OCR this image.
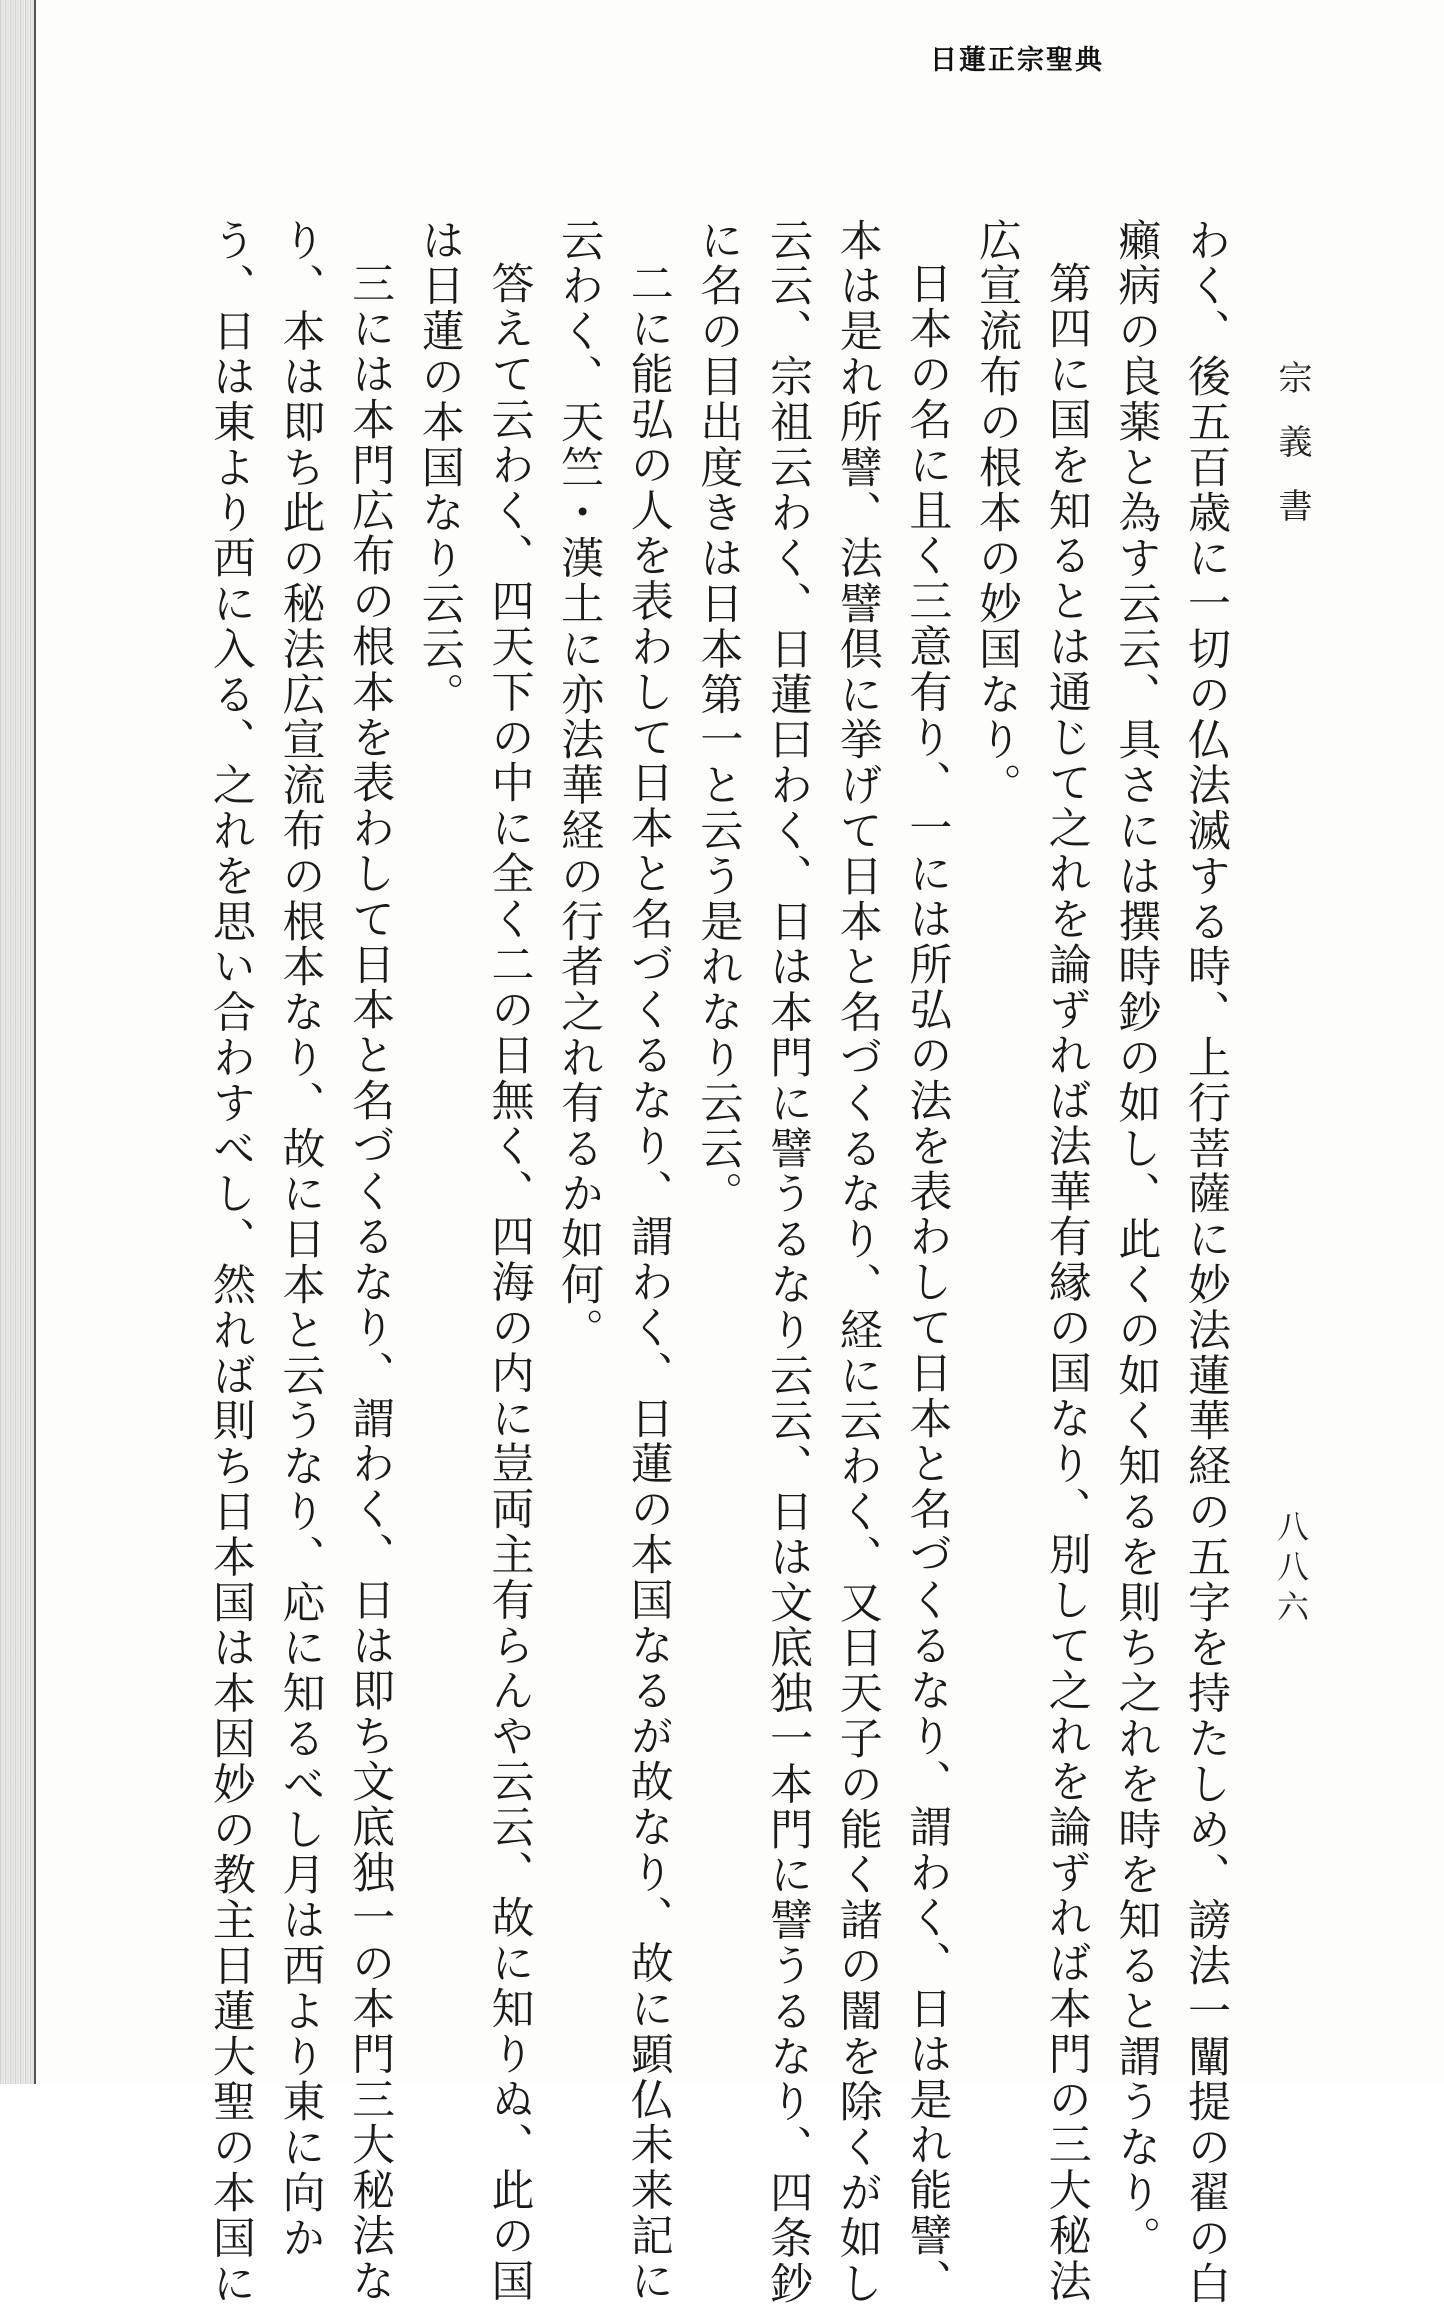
日蓮正宗聖典
宗義書
八八六
わく、後五百歳に一切の仏法滅する時、上行菩薩に妙法蓮華経の五字を持たしめ、謗法一闡提の翟の白
癩病の良薬と為す云云、具さには撰時鈔の如し、此くの如く知るを則ち之れを時を知ると謂うなり。
第四に国を知るとは通じて之れを論ずれば法華有縁の国なり、別して之れを論ずれば本門の三大秘法
広宣流布の根本の妙国なり。
日本の名に且く三意有り、一には所弘の法を表わして日本と名づくるなり、謂わく、日は是れ能譬、
本は是れ所譬、法譬倶に挙げて日本と名づくるなり、経に云わく、又日天子の能く諸の闇を除くが如し
云云、宗祖云わく、日蓮曰わく、日は本門に譬うるなり云云、日は文底独一本門に譬うるなり、四条鈔
に名の目出度きは日本第一と云う是れなり云云。
二に能弘の人を表わして日本と名づくるなり、謂わく、日蓮の本国なるが故なり、故に顕仏未来記に
云わく、天竺・漢土に亦法華経の行者之れ有るか如何。
答えて云わく、四天下の中に全く二の日無く、四海の内に豈両主有らんや云云、故に知りぬ、此の国
は日蓮の本国なり云云。
三には本門広布の根本を表わして日本と名づくるなり、謂わく、日は即ち文底独一の本門三大秘法な
り、本は即ち此の秘法広宣流布の根本なり、故に日本と云うなり、応に知るべし月は西より東に向か
う、日は東より西に入る、之れを思い合わすべし、然れば則ち日本国は本因妙の教主日蓮大聖の本国に
